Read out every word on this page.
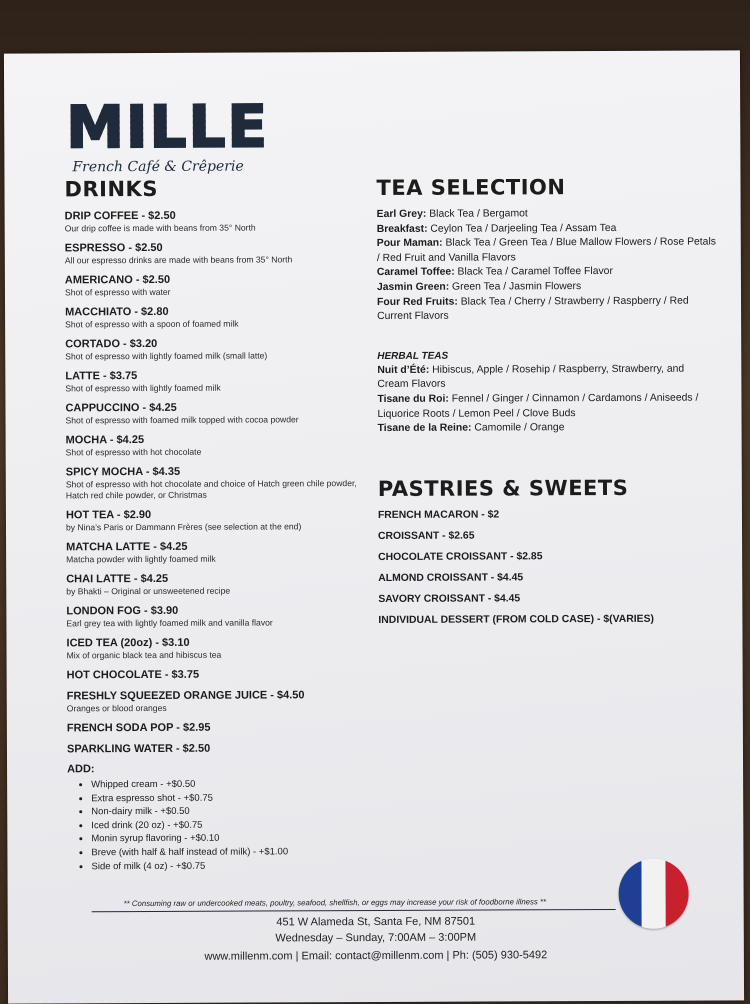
MILLE
French Café & Crêperie
DRINKS
DRIP COFFEE - $2.50
Our drip coffee is made with beans from 35° North
ESPRESSO - $2.50
All our espresso drinks are made with beans from 35° North
AMERICANO - $2.50
Shot of espresso with water
MACCHIATO - $2.80
Shot of espresso with a spoon of foamed milk
CORTADO - $3.20
Shot of espresso with lightly foamed milk (small latte)
LATTE - $3.75
Shot of espresso with lightly foamed milk
CAPPUCCINO - $4.25
Shot of espresso with foamed milk topped with cocoa powder
MOCHA - $4.25
Shot of espresso with hot chocolate
SPICY MOCHA - $4.35
Shot of espresso with hot chocolate and choice of Hatch green chile powder, Hatch red chile powder, or Christmas
HOT TEA - $2.90
by Nina’s Paris or Dammann Frères (see selection at the end)
MATCHA LATTE - $4.25
Matcha powder with lightly foamed milk
CHAI LATTE - $4.25
by Bhakti – Original or unsweetened recipe
LONDON FOG - $3.90
Earl grey tea with lightly foamed milk and vanilla flavor
ICED TEA (20oz) - $3.10
Mix of organic black tea and hibiscus tea
HOT CHOCOLATE - $3.75
FRESHLY SQUEEZED ORANGE JUICE - $4.50
Oranges or blood oranges
FRENCH SODA POP - $2.95
SPARKLING WATER - $2.50
ADD:
• Whipped cream - +$0.50
• Extra espresso shot - +$0.75
• Non-dairy milk - +$0.50
• Iced drink (20 oz) - +$0.75
• Monin syrup flavoring - +$0.10
• Breve (with half & half instead of milk) - +$1.00
• Side of milk (4 oz) - +$0.75
TEA SELECTION

Earl Grey: Black Tea / Bergamot

Breakfast: Ceylon Tea / Darjeeling Tea / Assam Tea

Pour Maman: Black Tea / Green Tea / Blue Mallow Flowers / Rose Petals / Red Fruit and Vanilla Flavors

Caramel Toffee: Black Tea / Caramel Toffee Flavor

Jasmin Green: Green Tea / Jasmin Flowers

Four Red Fruits: Black Tea / Cherry / Strawberry / Raspberry / Red Current Flavors

HERBAL TEAS

Nuit d’Été: Hibiscus, Apple / Rosehip / Raspberry, Strawberry, and Cream Flavors

Tisane du Roi: Fennel / Ginger / Cinnamon / Cardamons / Aniseeds / Liquorice Roots / Lemon Peel / Clove Buds

Tisane de la Reine: Camomile / Orange

PASTRIES & SWEETS
FRENCH MACARON - $2
CROISSANT - $2.65
CHOCOLATE CROISSANT - $2.85
ALMOND CROISSANT - $4.45
SAVORY CROISSANT - $4.45
INDIVIDUAL DESSERT (FROM COLD CASE) - $(VARIES)
** Consuming raw or undercooked meats, poultry, seafood, shellfish, or eggs may increase your risk of foodborne illness **
451 W Alameda St, Santa Fe, NM 87501
Wednesday – Sunday, 7:00AM – 3:00PM
www.millenm.com | Email: contact@millenm.com | Ph: (505) 930-5492
